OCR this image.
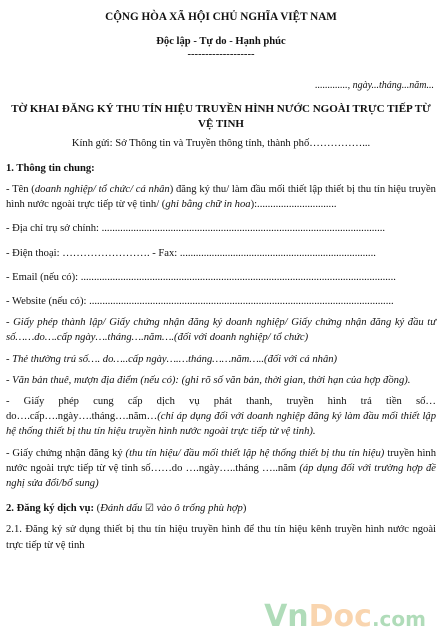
CỘNG HÒA XÃ HỘI CHỦ NGHĨA VIỆT NAM
Độc lập - Tự do - Hạnh phúc
-------------------
............., ngày...tháng...năm...
TỜ KHAI ĐĂNG KÝ THU TÍN HIỆU TRUYỀN HÌNH NƯỚC NGOÀI TRỰC TIẾP TỪ VỆ TINH
Kính gửi: Sở Thông tin và Truyền thông tỉnh, thành phố……………...
1. Thông tin chung:
- Tên (doanh nghiệp/ tổ chức/ cá nhân) đăng ký thu/ làm đầu mối thiết lập thiết bị thu tín hiệu truyền hình nước ngoài trực tiếp từ vệ tinh/ (ghi bằng chữ in hoa):..............................
- Địa chỉ trụ sở chính: ...........................................................................................................
- Điện thoại: ……………………. - Fax: ..........................................................................
- Email (nếu có): .......................................................................................................................
- Website (nếu có): ...................................................................................................................
- Giấy phép thành lập/ Giấy chứng nhận đăng ký doanh nghiệp/ Giấy chứng nhận đăng ký đầu tư số……do….cấp ngày….tháng….năm….(đối với doanh nghiệp/ tổ chức)
- Thẻ thường trú số…. do…..cấp ngày….…tháng……năm…..(đối với cá nhân)
- Văn bản thuê, mượn địa điểm (nếu có): (ghi rõ số văn bản, thời gian, thời hạn của hợp đồng).
- Giấy phép cung cấp dịch vụ phát thanh, truyền hình trả tiền số…do….cấp….ngày….tháng….năm…(chỉ áp dụng đối với doanh nghiệp đăng ký làm đầu mối thiết lập hệ thống thiết bị thu tín hiệu truyền hình nước ngoài trực tiếp từ vệ tinh).
- Giấy chứng nhận đăng ký (thu tín hiệu/ đầu mối thiết lập hệ thống thiết bị thu tín hiệu) truyền hình nước ngoài trực tiếp từ vệ tinh số……do ….ngày…..tháng …..năm (áp dụng đối với trường hợp đề nghị sửa đổi/bổ sung)
2. Đăng ký dịch vụ: (Đánh dấu ☑ vào ô trống phù hợp)
2.1. Đăng ký sử dụng thiết bị thu tín hiệu truyền hình để thu tín hiệu kênh truyền hình nước ngoài trực tiếp từ vệ tinh
VnDoc.com
